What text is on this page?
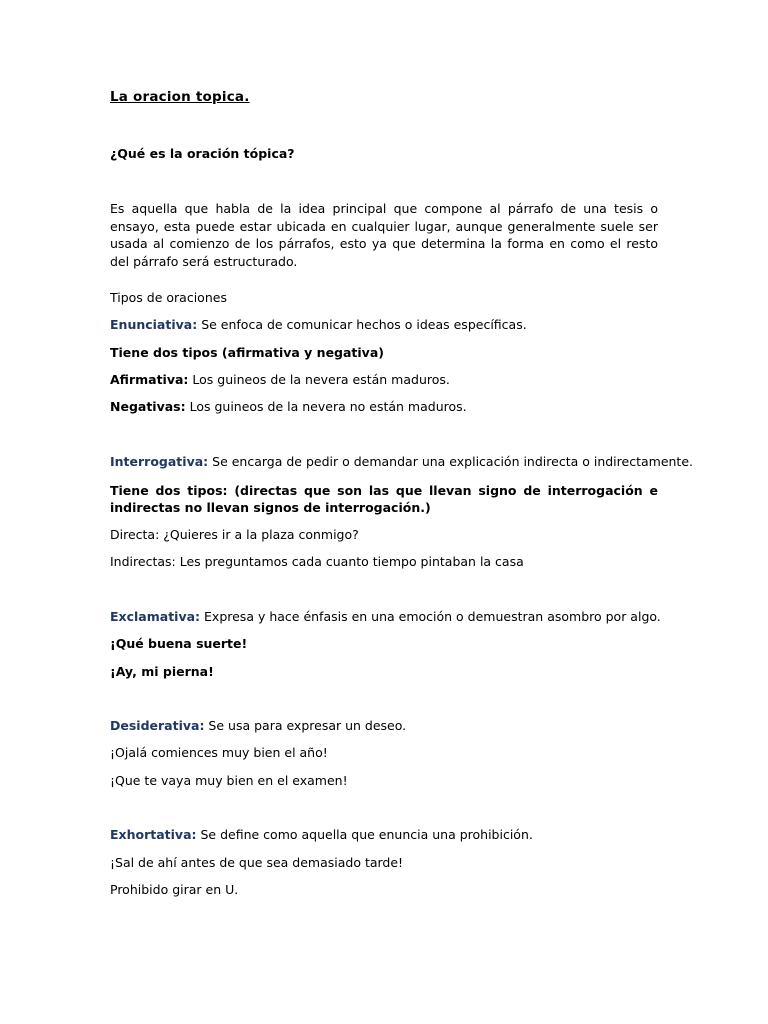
La oracion topica.
¿Qué es la oración tópica?
Es aquella que habla de la idea principal que compone al párrafo de una tesis o ensayo, esta puede estar ubicada en cualquier lugar, aunque generalmente suele ser usada al comienzo de los párrafos, esto ya que determina la forma en como el resto del párrafo será estructurado.
Tipos de oraciones
Enunciativa: Se enfoca de comunicar hechos o ideas específicas.
Tiene dos tipos (afirmativa y negativa)
Afirmativa: Los guineos de la nevera están maduros.
Negativas: Los guineos de la nevera no están maduros.
Interrogativa: Se encarga de pedir o demandar una explicación indirecta o indirectamente.
Tiene dos tipos: (directas que son las que llevan signo de interrogación e indirectas no llevan signos de interrogación.)
Directa: ¿Quieres ir a la plaza conmigo?
Indirectas: Les preguntamos cada cuanto tiempo pintaban la casa
Exclamativa: Expresa y hace énfasis en una emoción o demuestran asombro por algo.
¡Qué buena suerte!
¡Ay, mi pierna!
Desiderativa: Se usa para expresar un deseo.
¡Ojalá comiences muy bien el año!
¡Que te vaya muy bien en el examen!
Exhortativa: Se define como aquella que enuncia una prohibición.
¡Sal de ahí antes de que sea demasiado tarde!
Prohibido girar en U.
